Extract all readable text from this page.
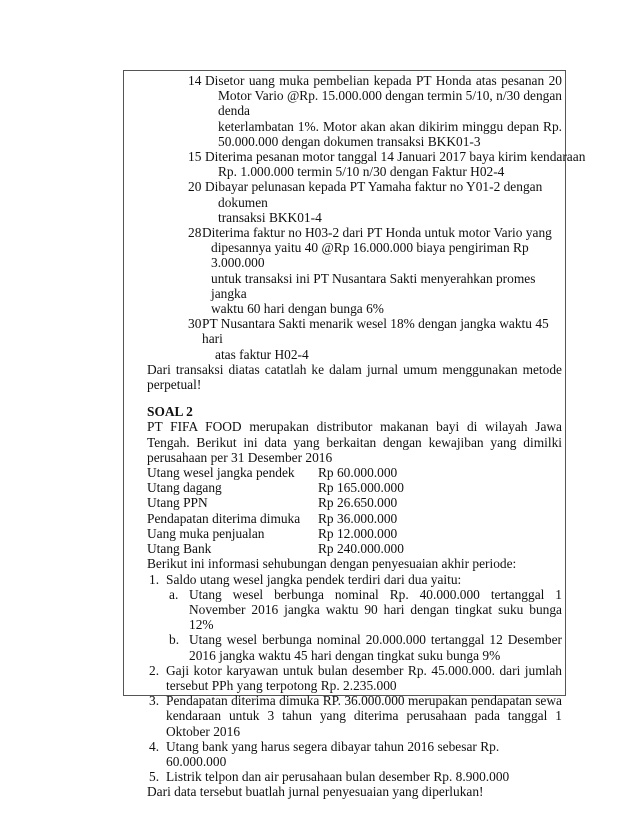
14 Disetor uang muka pembelian kepada PT Honda atas pesanan 20
Motor Vario @Rp. 15.000.000 dengan termin 5/10, n/30 dengan denda
keterlambatan 1%. Motor akan akan dikirim minggu depan Rp.
50.000.000 dengan dokumen transaksi BKK01-3
15 Diterima pesanan motor tanggal 14 Januari 2017 baya kirim kendaraan
Rp. 1.000.000 termin 5/10 n/30 dengan Faktur H02-4
20 Dibayar pelunasan kepada PT Yamaha faktur no Y01-2 dengan
dokumen
transaksi BKK01-4
28 Diterima faktur no H03-2 dari PT Honda untuk motor Vario yang
dipesannya yaitu 40 @Rp 16.000.000 biaya pengiriman Rp 3.000.000
untuk transaksi ini PT Nusantara Sakti menyerahkan promes jangka
waktu 60 hari dengan bunga 6%
30 PT Nusantara Sakti menarik wesel 18% dengan jangka waktu 45 hari
atas faktur H02-4
Dari transaksi diatas catatlah ke dalam jurnal umum menggunakan metode perpetual!
SOAL 2
PT FIFA FOOD merupakan distributor makanan bayi di wilayah Jawa Tengah. Berikut ini data yang berkaitan dengan kewajiban yang dimilki perusahaan per 31 Desember 2016
Utang wesel jangka pendek	Rp 60.000.000
Utang dagang	Rp 165.000.000
Utang PPN	Rp 26.650.000
Pendapatan diterima dimuka	Rp 36.000.000
Uang muka penjualan	Rp 12.000.000
Utang Bank	Rp 240.000.000
Berikut ini informasi sehubungan dengan penyesuaian akhir periode:
1. Saldo utang wesel jangka pendek terdiri dari dua yaitu:
a. Utang wesel berbunga nominal Rp. 40.000.000 tertanggal 1 November 2016 jangka waktu 90 hari dengan tingkat suku bunga 12%
b. Utang wesel berbunga nominal 20.000.000 tertanggal 12 Desember 2016 jangka waktu 45 hari dengan tingkat suku bunga 9%
2. Gaji kotor karyawan untuk bulan desember Rp. 45.000.000. dari jumlah tersebut PPh yang terpotong Rp. 2.235.000
3. Pendapatan diterima dimuka RP. 36.000.000 merupakan pendapatan sewa kendaraan untuk 3 tahun yang diterima perusahaan pada tanggal 1 Oktober 2016
4. Utang bank yang harus segera dibayar tahun 2016 sebesar Rp. 60.000.000
5. Listrik telpon dan air perusahaan bulan desember Rp. 8.900.000
Dari data tersebut buatlah jurnal penyesuaian yang diperlukan!
